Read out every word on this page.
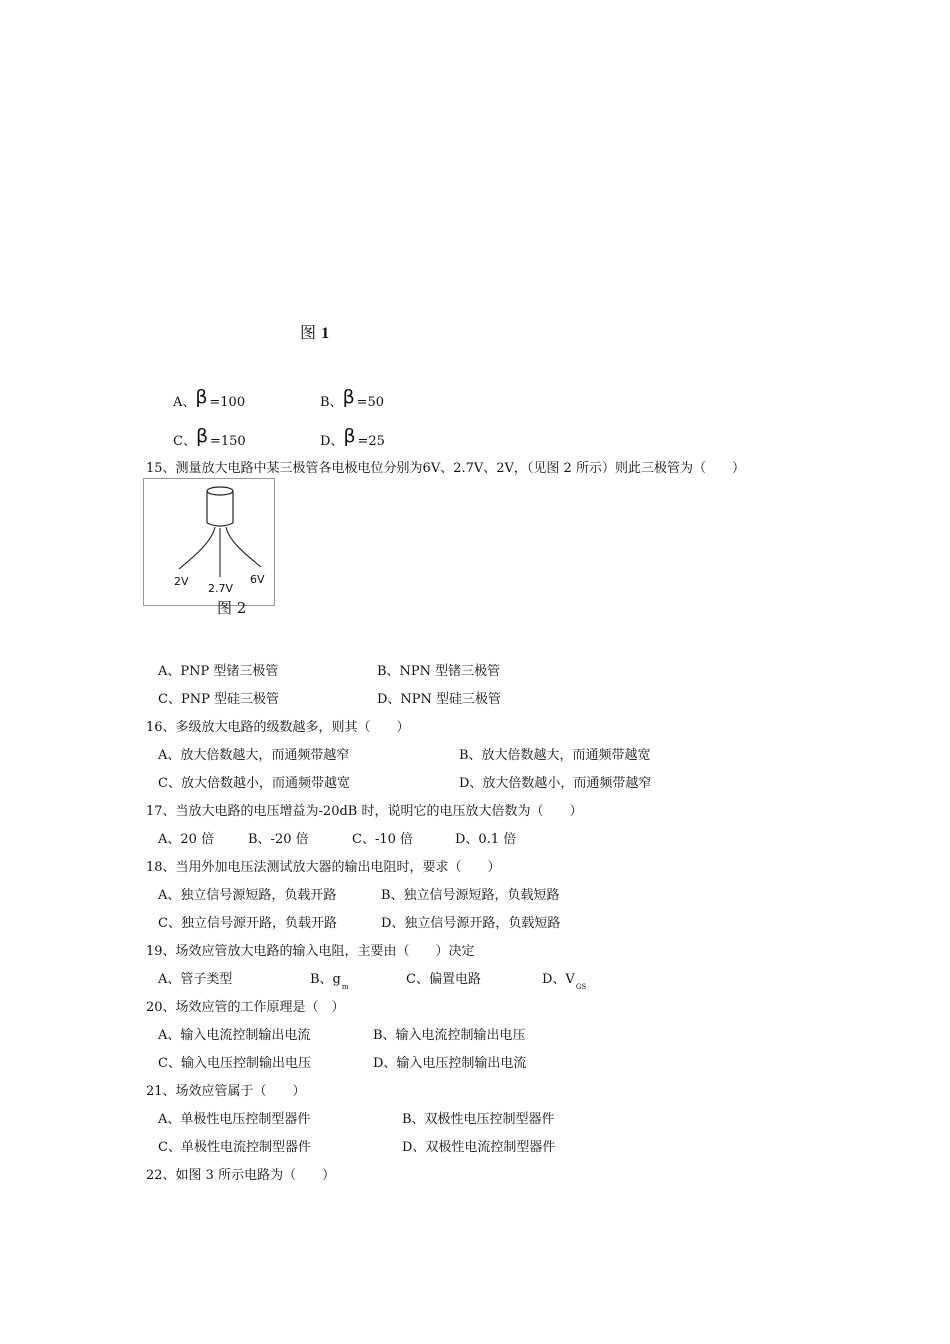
图 1
A、 β =100	B、 β =50
C、 β =150	D、 β =25
15、测量放大电路中某三极管各电极电位分别为6V、2.7V、2V，（见图 2 所示）则此三极管为（　　）
2V
2.7V
6V
图 2
A、PNP 型锗三极管	B、NPN 型锗三极管
C、PNP 型硅三极管	D、NPN 型硅三极管
16、多级放大电路的级数越多，则其（　　）
A、放大倍数越大，而通频带越窄	B、放大倍数越大，而通频带越宽
C、放大倍数越小，而通频带越宽	D、放大倍数越小，而通频带越窄
17、当放大电路的电压增益为-20dB 时，说明它的电压放大倍数为（　　）
A、20 倍	B、-20 倍	C、-10 倍	D、0.1 倍
18、当用外加电压法测试放大器的输出电阻时，要求（　　）
A、独立信号源短路，负载开路	B、独立信号源短路，负载短路
C、独立信号源开路，负载开路	D、独立信号源开路，负载短路
19、场效应管放大电路的输入电阻，主要由（　　）决定
A、管子类型	B、$g_m$	C、偏置电路	D、$V_{GS}$
20、场效应管的工作原理是（　）
A、输入电流控制输出电流	B、输入电流控制输出电压
C、输入电压控制输出电压	D、输入电压控制输出电流
21、场效应管属于（　　）
A、单极性电压控制型器件	B、双极性电压控制型器件
C、单极性电流控制型器件	D、双极性电流控制型器件
22、如图 3 所示电路为（　　）
